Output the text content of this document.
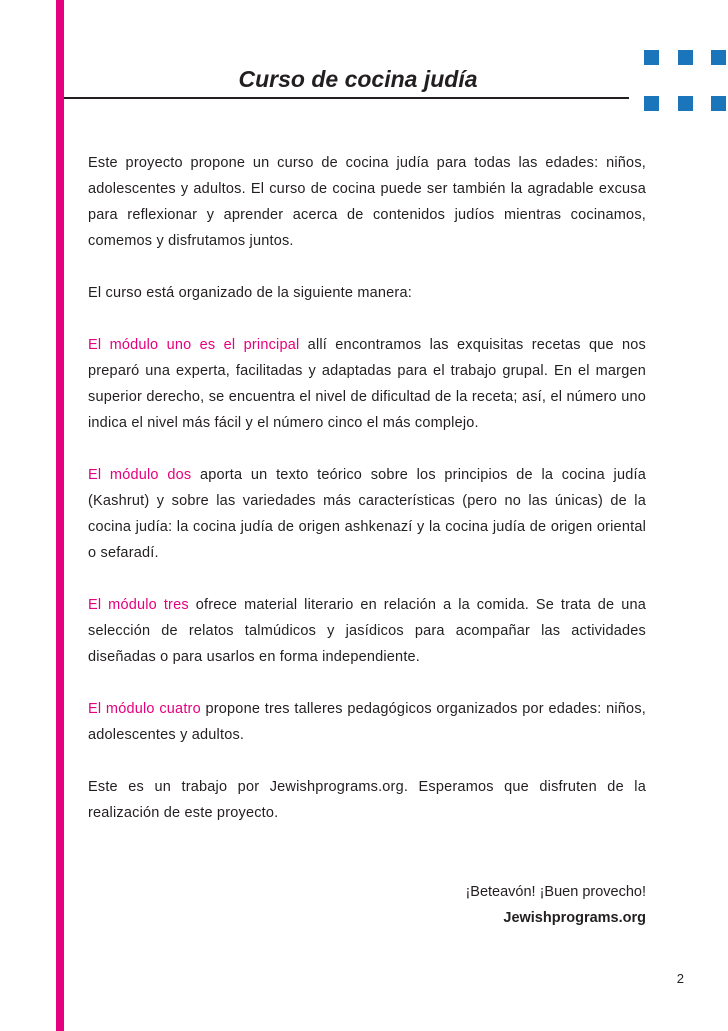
Curso de cocina judía

Este proyecto propone un curso de cocina judía para todas las edades: niños, adolescentes y adultos. El curso de cocina puede ser también la agradable excusa para reflexionar y aprender acerca de contenidos judíos mientras cocinamos, comemos y disfrutamos juntos.

El curso está organizado de la siguiente manera:

El módulo uno es el principal allí encontramos las exquisitas recetas que nos preparó una experta, facilitadas y adaptadas para el trabajo grupal. En el margen superior derecho, se encuentra el nivel de dificultad de la receta; así, el número uno indica el nivel más fácil y el número cinco el más complejo.

El módulo dos aporta un texto teórico sobre los principios de la cocina judía (Kashrut) y sobre las variedades más características (pero no las únicas) de la cocina judía: la cocina judía de origen ashkenazí y la cocina judía de origen oriental o sefaradí.

El módulo tres ofrece material literario en relación a la comida. Se trata de una selección de relatos talmúdicos y jasídicos para acompañar las actividades diseñadas o para usarlos en forma independiente.

El módulo cuatro propone tres talleres pedagógicos organizados por edades: niños, adolescentes y adultos.

Este es un trabajo por Jewishprograms.org. Esperamos que disfruten de la realización de este proyecto.

¡Beteavón! ¡Buen provecho!
Jewishprograms.org
2
